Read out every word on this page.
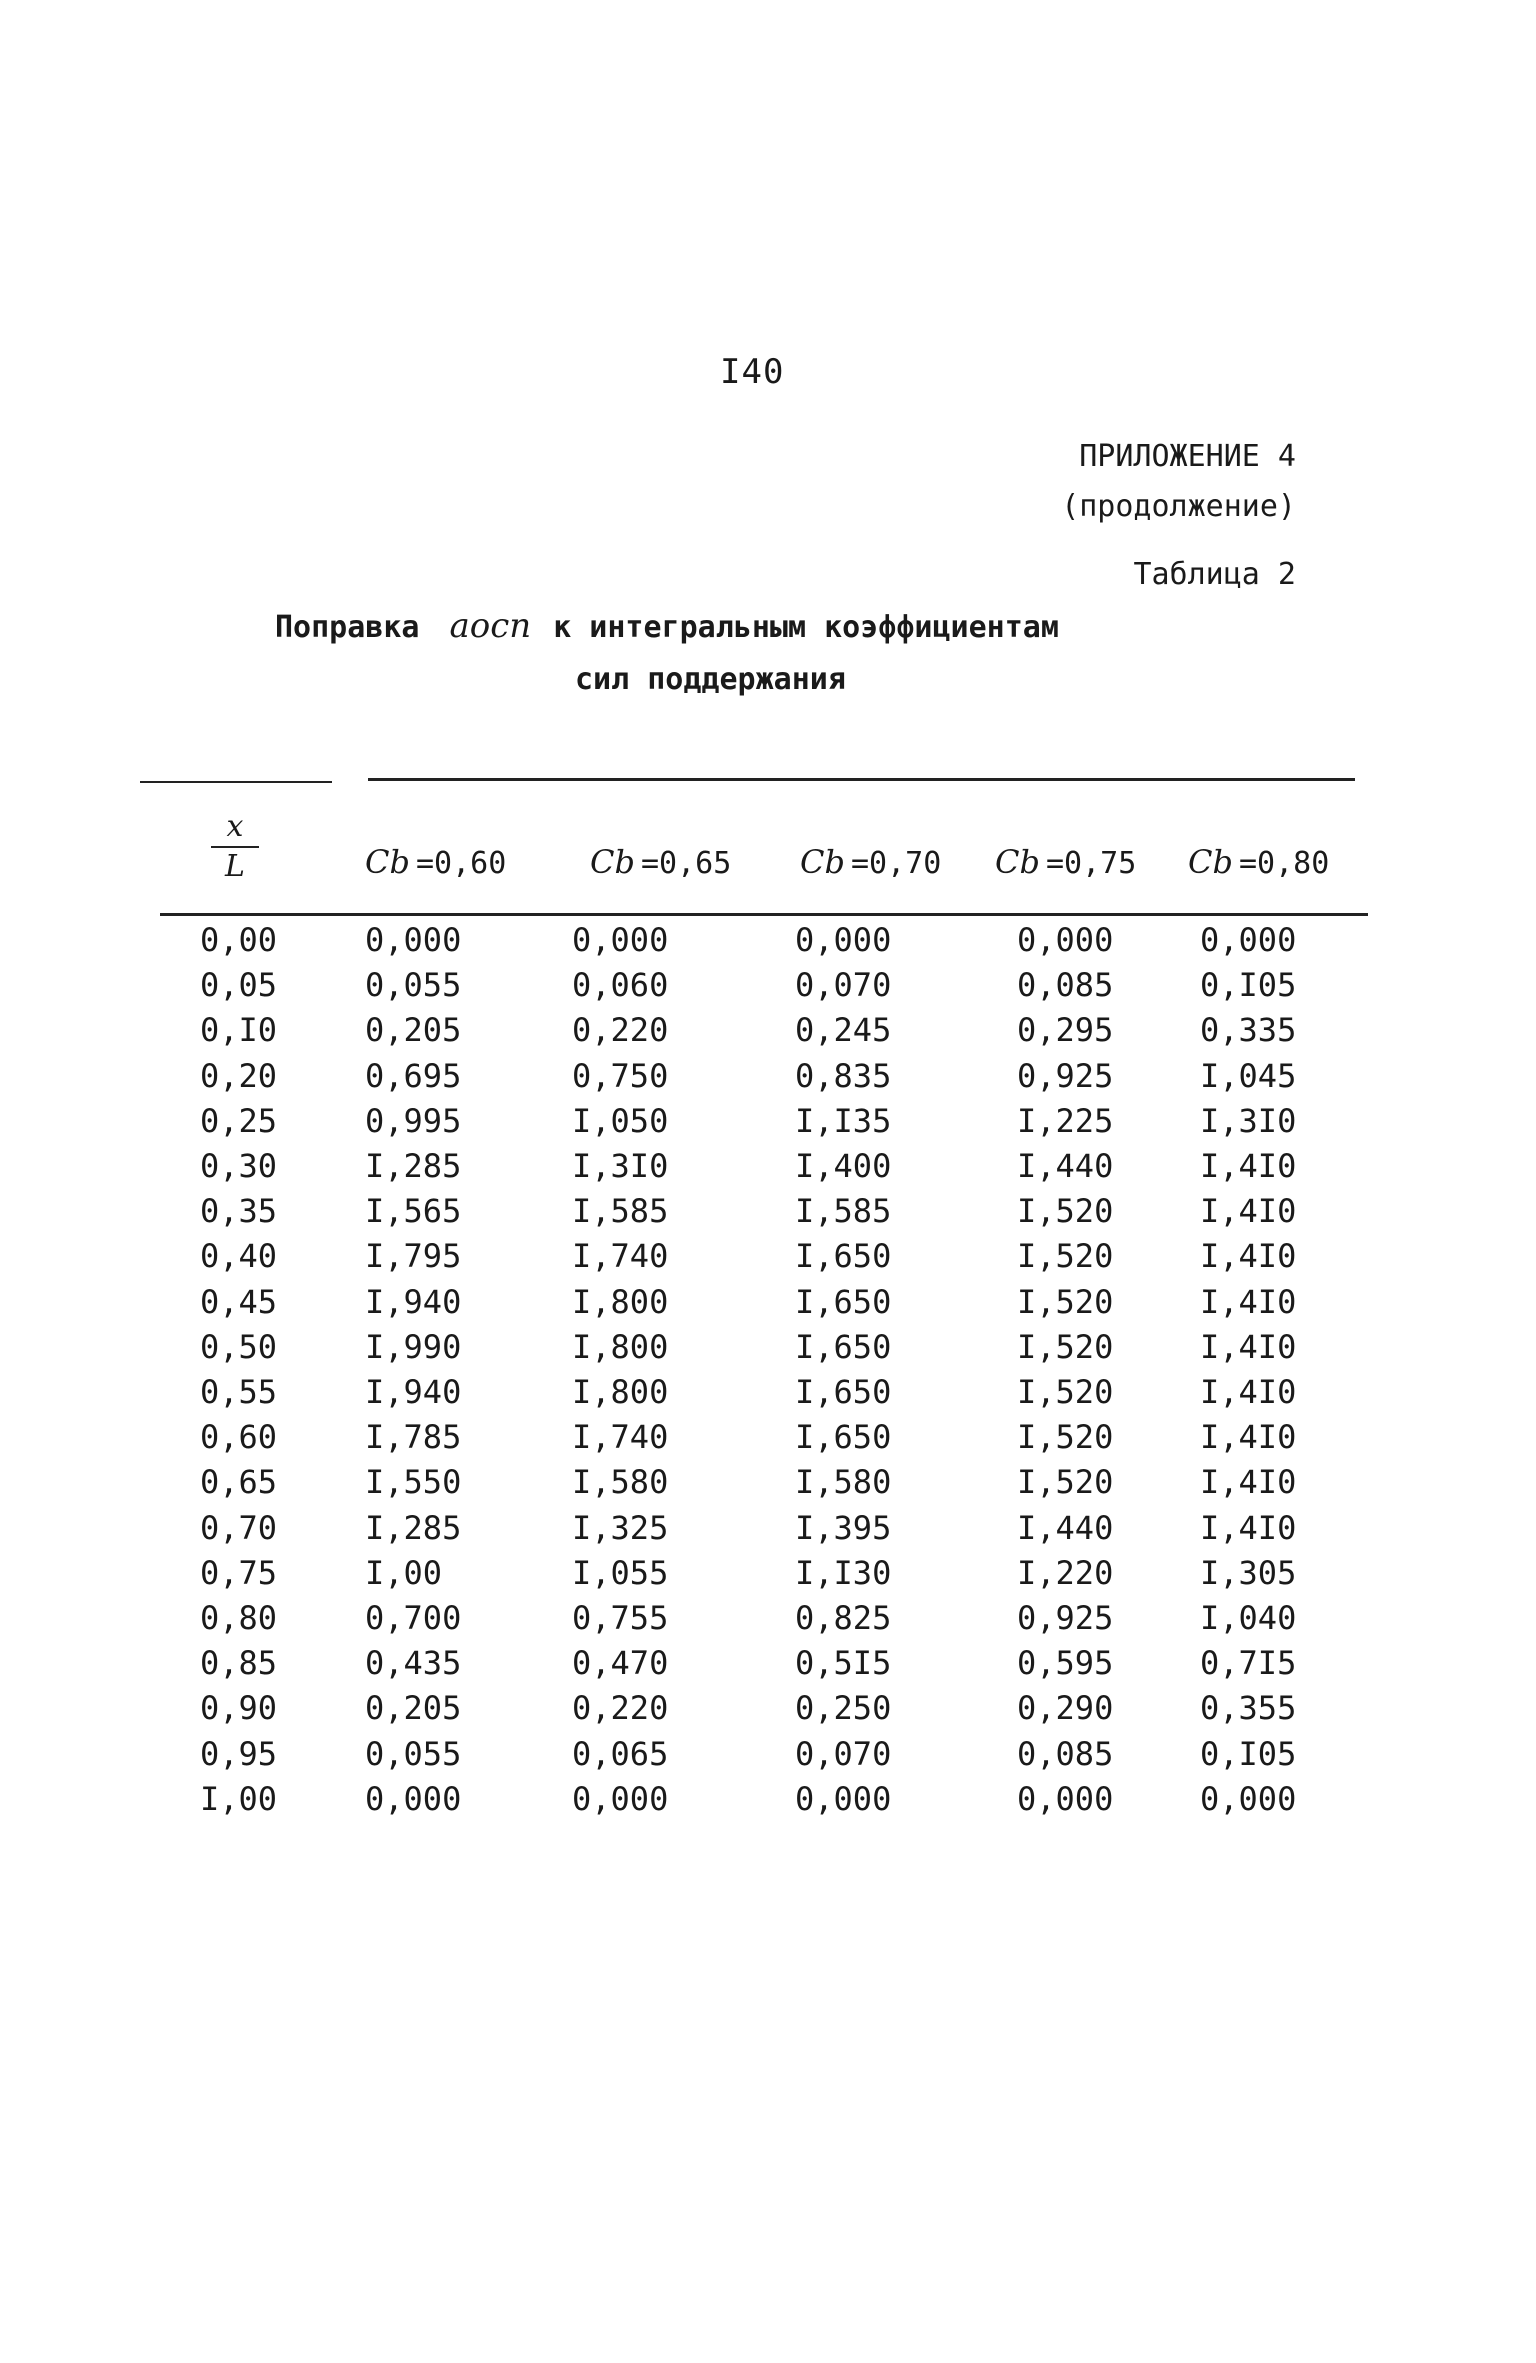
I40
ПРИЛОЖЕНИЕ 4
(продолжение)
Таблица 2
Поправка aосп к интегральным коэффициентам
сил поддержания
x
L	Cb =0,60	Cb =0,65 Cb =0,70 Cb =0,75 Cb =0,80
0,00	0,000	0,000	0,000	0,000	0,000
0,05	0,055	0,060	0,070	0,085	0,I05
0,I0	0,205	0,220	0,245	0,295	0,335
0,20	0,695	0,750	0,835	0,925	I,045
0,25	0,995	I,050	I,I35	I,225	I,3I0
0,30	I,285	I,3I0	I,400	I,440	I,4I0
0,35	I,565	I,585	I,585	I,520	I,4I0
0,40	I,795	I,740	I,650	I,520	I,4I0
0,45	I,940	I,800	I,650	I,520	I,4I0
0,50	I,990	I,800	I,650	I,520	I,4I0
0,55	I,940	I,800	I,650	I,520	I,4I0
0,60	I,785	I,740	I,650	I,520	I,4I0
0,65	I,550	I,580	I,580	I,520	I,4I0
0,70	I,285	I,325	I,395	I,440	I,4I0
0,75	I,00	I,055	I,I30	I,220	I,305
0,80	0,700	0,755	0,825	0,925	I,040
0,85	0,435	0,470	0,5I5	0,595	0,7I5
0,90	0,205	0,220	0,250	0,290	0,355
0,95	0,055	0,065	0,070	0,085	0,I05
I,00	0,000	0,000	0,000	0,000	0,000
